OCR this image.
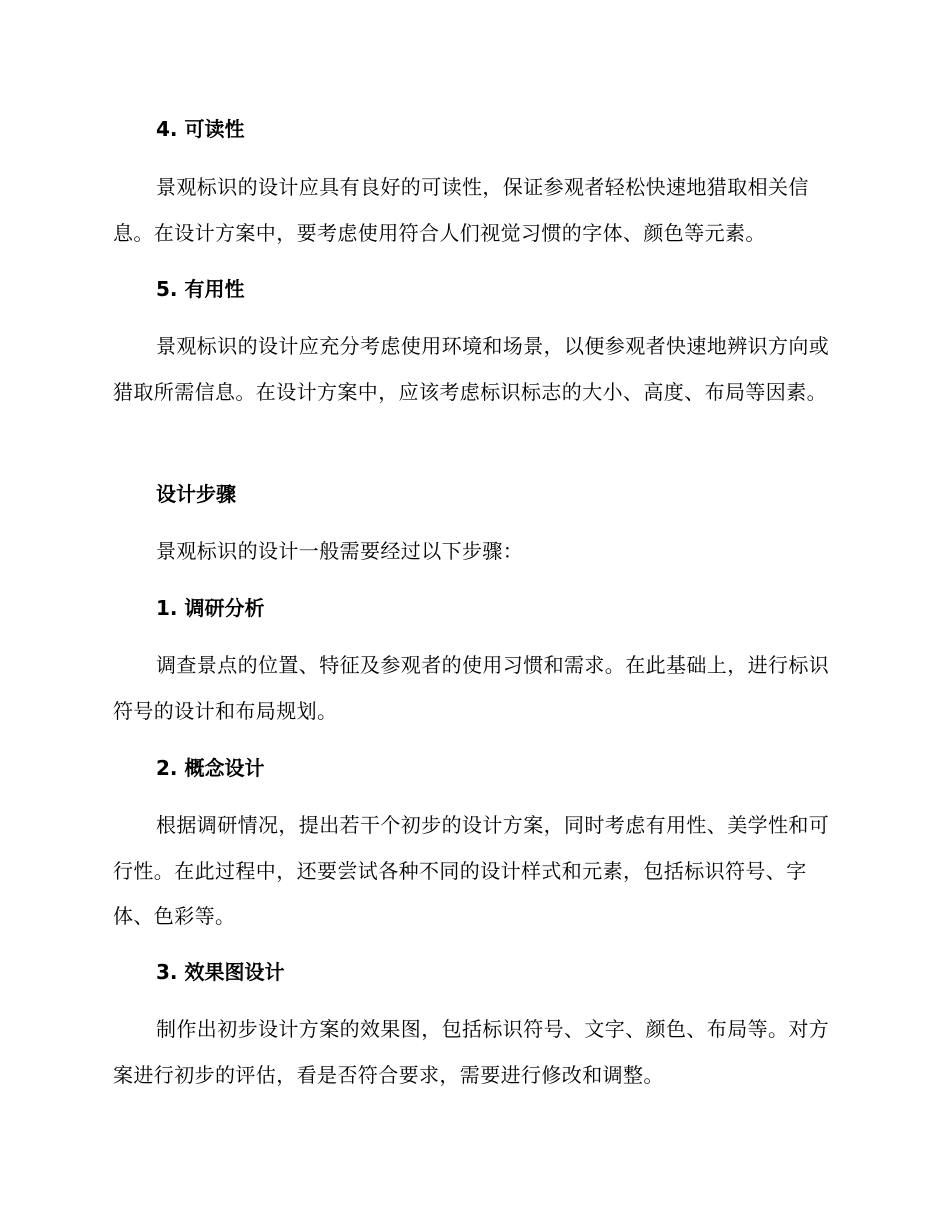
4. 可读性

景观标识的设计应具有良好的可读性，保证参观者轻松快速地猎取相关信息。在设计方案中，要考虑使用符合人们视觉习惯的字体、颜色等元素。

5. 有用性

景观标识的设计应充分考虑使用环境和场景，以便参观者快速地辨识方向或猎取所需信息。在设计方案中，应该考虑标识标志的大小、高度、布局等因素。

设计步骤

景观标识的设计一般需要经过以下步骤：

1. 调研分析

调查景点的位置、特征及参观者的使用习惯和需求。在此基础上，进行标识符号的设计和布局规划。

2. 概念设计

根据调研情况，提出若干个初步的设计方案，同时考虑有用性、美学性和可行性。在此过程中，还要尝试各种不同的设计样式和元素，包括标识符号、字体、色彩等。

3. 效果图设计

制作出初步设计方案的效果图，包括标识符号、文字、颜色、布局等。对方案进行初步的评估，看是否符合要求，需要进行修改和调整。
